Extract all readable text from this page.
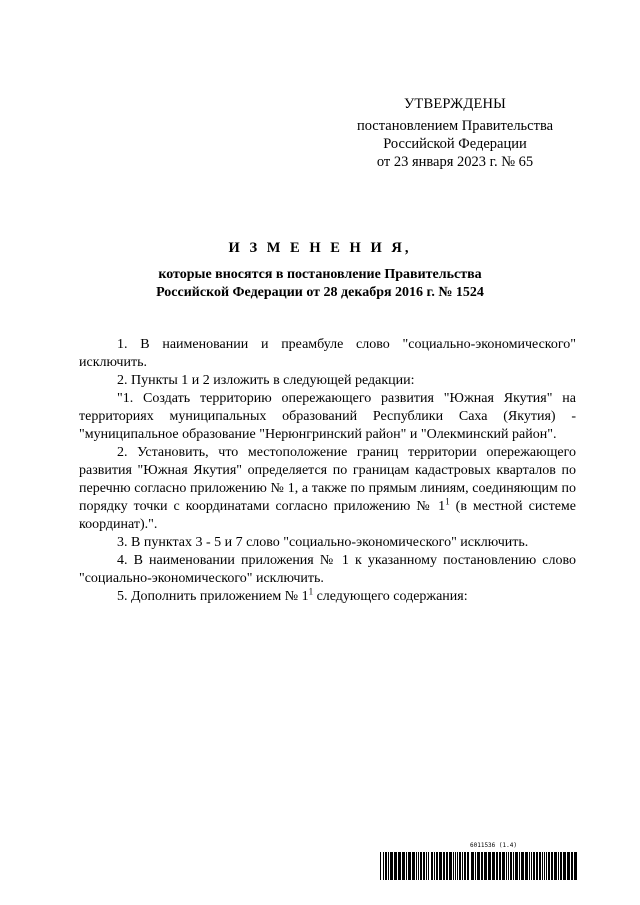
УТВЕРЖДЕНЫ
постановлением Правительства
Российской Федерации
от 23 января 2023 г. № 65
И З М Е Н Е Н И Я,
которые вносятся в постановление Правительства
Российской Федерации от 28 декабря 2016 г. № 1524

1. В наименовании и преамбуле слово "социально-экономического" исключить.

2. Пункты 1 и 2 изложить в следующей редакции:

"1. Создать территорию опережающего развития "Южная Якутия" на территориях муниципальных образований Республики Саха (Якутия) - "муниципальное образование "Нерюнгринский район" и "Олекминский район".

2. Установить, что местоположение границ территории опережающего развития "Южная Якутия" определяется по границам кадастровых кварталов по перечню согласно приложению № 1, а также по прямым линиям, соединяющим по порядку точки с координатами согласно приложению № $1^1$ (в местной системе координат).".

3. В пунктах 3 - 5 и 7 слово "социально-экономического" исключить.

4. В наименовании приложения № 1 к указанному постановлению слово "социально-экономического" исключить.

5. Дополнить приложением № $1^1$ следующего содержания:

6011536 (1.4)
